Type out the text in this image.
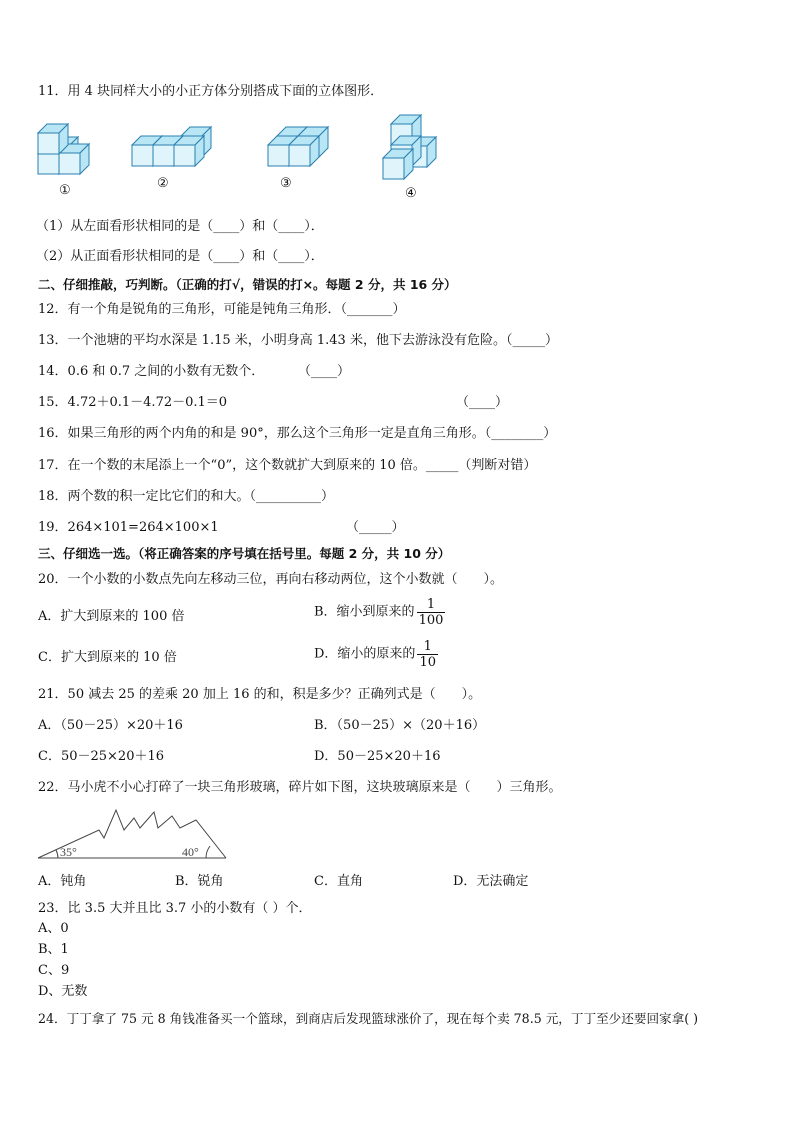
11．用 4 块同样大小的小正方体分别搭成下面的立体图形．
①	②	③
④
（1）从左面看形状相同的是（____）和（____）．
（2）从正面看形状相同的是（____）和（____）．
二、仔细推敲，巧判断。（正确的打√，错误的打×。每题 2 分，共 16 分）
12．有一个角是锐角的三角形，可能是钝角三角形．（_______）
13．一个池塘的平均水深是 1.15 米，小明身高 1.43 米，他下去游泳没有危险。（_____）
14．0.6 和 0.7 之间的小数有无数个．	（____）
15．4.72＋0.1－4.72－0.1＝0	（____）
16．如果三角形的两个内角的和是 90°，那么这个三角形一定是直角三角形。（________）
17．在一个数的末尾添上一个“0”，这个数就扩大到原来的 10 倍。_____（判断对错）
18．两个数的积一定比它们的和大。（__________）
19．264×101=264×100×1	（_____）
三、仔细选一选。（将正确答案的序号填在括号里。每题 2 分，共 10 分）
20．一个小数的小数点先向左移动三位，再向右移动两位，这个小数就（　　）。
A．扩大到原来的 100 倍	B．缩小到原来的 $\frac{1}{100}$
C．扩大到原来的 10 倍	D．缩小的原来的 $\frac{1}{10}$
21．50 减去 25 的差乘 20 加上 16 的和，积是多少？正确列式是（　　）。
A．（50－25）×20＋16	B．（50－25）×（20＋16）
C．50－25×20＋16	D．50－25×20＋16
22．马小虎不小心打碎了一块三角形玻璃，碎片如下图，这块玻璃原来是（　　）三角形。
35°	40°
A．钝角	B．锐角	C．直角	D．无法确定
23．比 3.5 大并且比 3.7 小的小数有（ ）个．
A、0
B、1
C、9
D、无数
24．丁丁拿了 75 元 8 角钱准备买一个篮球，到商店后发现篮球涨价了，现在每个卖 78.5 元，丁丁至少还要回家拿( )
